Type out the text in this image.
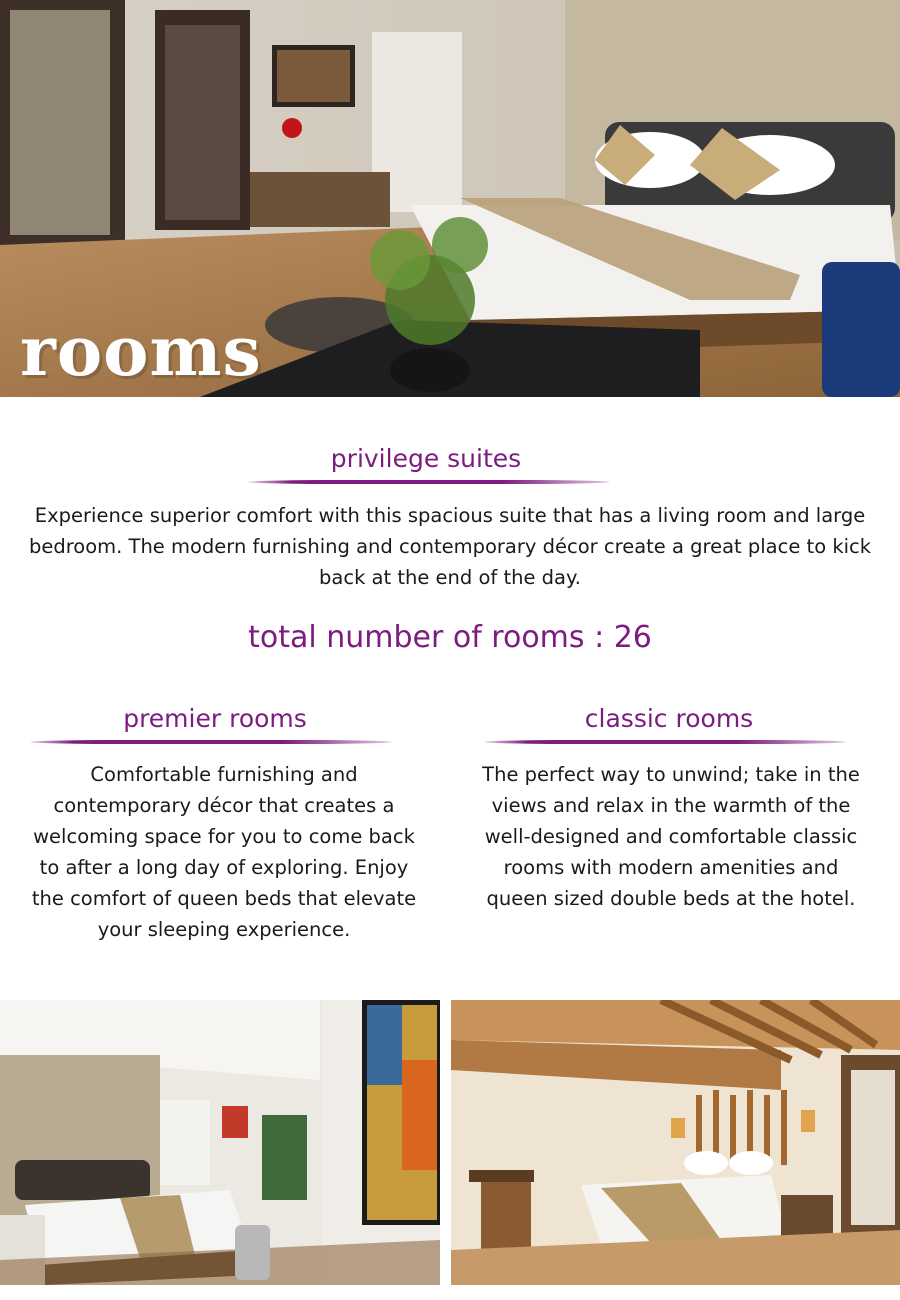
rooms
privilege suites

Experience superior comfort with this spacious suite that has a living room and large bedroom. The modern furnishing and contemporary décor create a great place to kick back at the end of the day.

total number of rooms : 26
premier rooms

Comfortable furnishing and contemporary décor that creates a welcoming space for you to come back to after a long day of exploring. Enjoy the comfort of queen beds that elevate your sleeping experience.

classic rooms

The perfect way to unwind; take in the views and relax in the warmth of the well-designed and comfortable classic rooms with modern amenities and queen sized double beds at the hotel.
